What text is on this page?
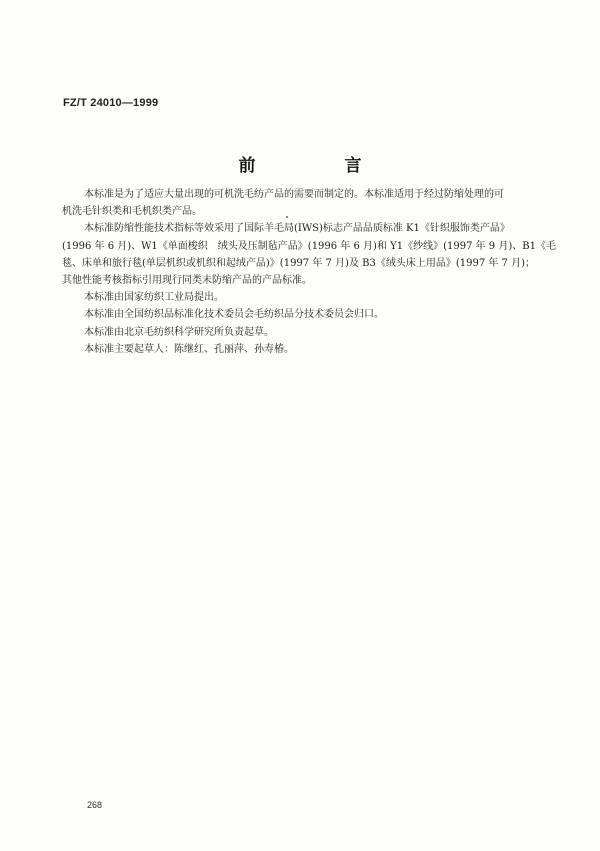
FZ/T 24010—1999
前　言

本标准是为了适应大量出现的可机洗毛纺产品的需要而制定的。本标准适用于经过防缩处理的可
机洗毛针织类和毛机织类产品。

本标准防缩性能技术指标等效采用了国际羊毛局(IWS)标志产品品质标准 K1《针织服饰类产品》
(1996 年 6 月)、W1《单面梭织　绒头及压制毡产品》(1996 年 6 月)和 Y1《纱线》(1997 年 9 月)、B1《毛
毯、床单和旅行毯(单层机织或机织和起绒产品)》(1997 年 7 月)及 B3《绒头床上用品》(1997 年 7 月)；
其他性能考核指标引用现行同类未防缩产品的产品标准。

本标准由国家纺织工业局提出。

本标准由全国纺织品标准化技术委员会毛纺织品分技术委员会归口。

本标准由北京毛纺织科学研究所负责起草。

本标准主要起草人：陈继红、孔丽萍、孙寿椿。

268
